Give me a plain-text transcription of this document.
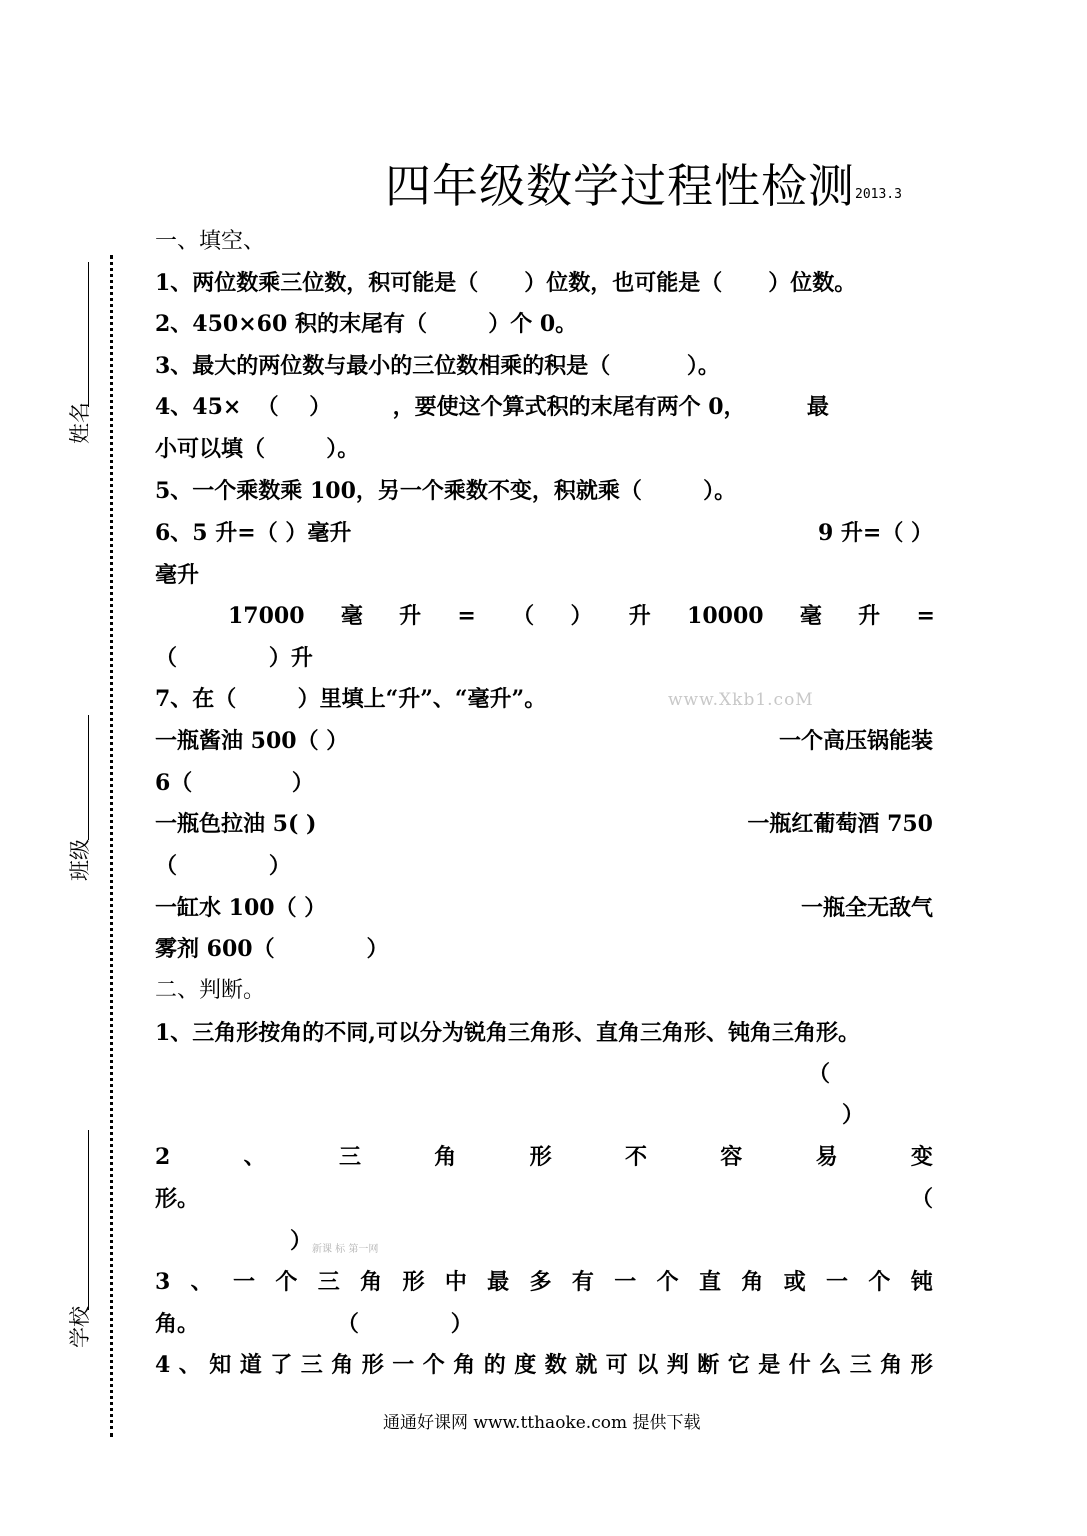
姓名
班级
学校
四年级数学过程性检测 2013.3
一、填空、
1、两位数乘三位数，积可能是（      ）位数，也可能是（      ）位数。
2、450×60 积的末尾有（        ）个 0。
3、最大的两位数与最小的三位数相乘的积是（          ）。
4、45×  （    ）        ，要使这个算式积的末尾有两个 0，        最
小可以填（        ）。
5、一个乘数乘 100，另一个乘数不变，积就乘（        ）。
6、5 升=（ ）毫升	9 升=（ ）
毫升
17000 毫 升 = （ ） 升 10000 毫 升 =
（            ）升
7、在（        ）里填上“升”、“毫升”。	www.Xkb1.coM
一瓶酱油 500（ ）	一个高压锅能装
6（             ）
一瓶色拉油 5( )	一瓶红葡萄酒 750
（            ）
一缸水 100（ ）	一瓶全无敌气
雾剂 600（            ）
二、判断。
1、三角形按角的不同,可以分为锐角三角形、直角三角形、钝角三角形。
（
）
2	、	三	角	形	不	容	易	变
形。	（
） 新课 标 第一网
3 、 一 个 三 角 形 中 最 多 有 一 个 直 角 或 一 个 钝
角。                  （            ）
4 、 知 道 了 三 角 形 一 个 角 的 度 数 就 可 以 判 断 它 是 什 么 三 角 形
通通好课网 www.tthaoke.com 提供下载
